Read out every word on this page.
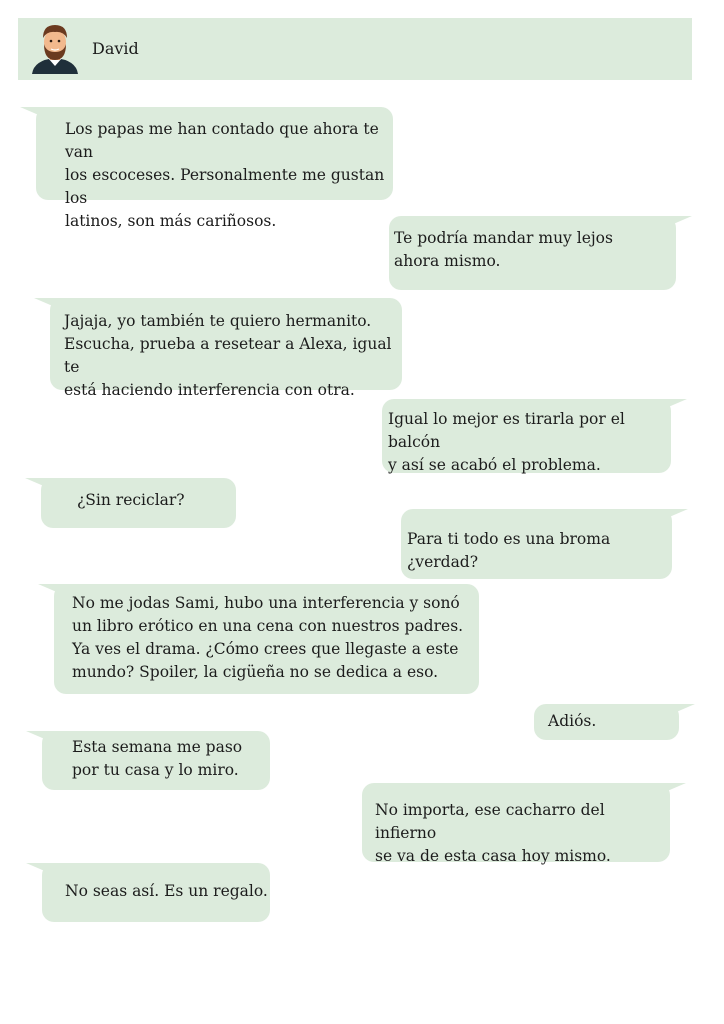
David
Los papas me han contado que ahora te van
los escoceses. Personalmente me gustan los
latinos, son más cariñosos.
Te podría mandar muy lejos
ahora mismo.
Jajaja, yo también te quiero hermanito.
Escucha, prueba a resetear a Alexa, igual te
está haciendo interferencia con otra.
Igual lo mejor es tirarla por el balcón
y así se acabó el problema.
¿Sin reciclar?
Para ti todo es una broma ¿verdad?
No me jodas Sami, hubo una interferencia y sonó
un libro erótico en una cena con nuestros padres.
Ya ves el drama. ¿Cómo crees que llegaste a este
mundo? Spoiler, la cigüeña no se dedica a eso.
Adiós.
Esta semana me paso
por tu casa y lo miro.
No importa, ese cacharro del infierno
se va de esta casa hoy mismo.
No seas así. Es un regalo.
